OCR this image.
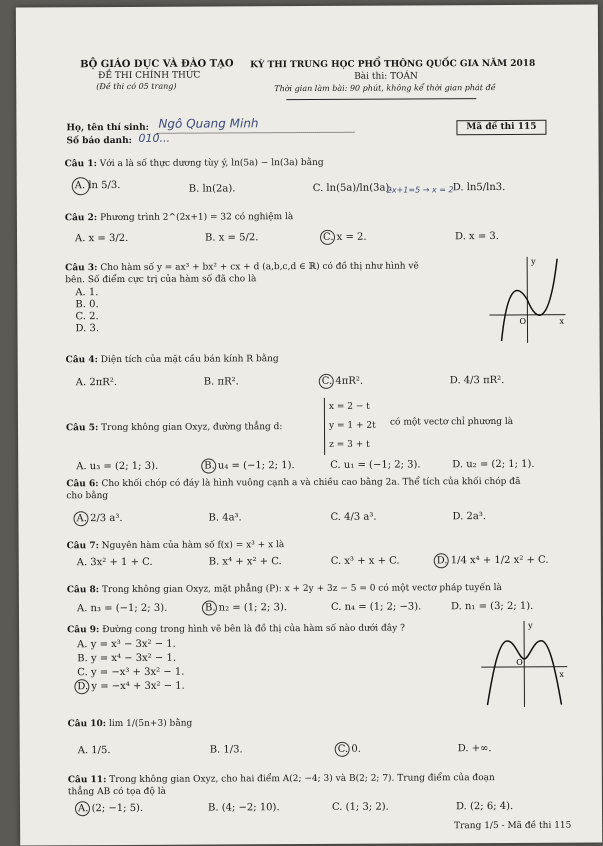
BỘ GIÁO DỤC VÀ ĐÀO TẠO
ĐỀ THI CHÍNH THỨC
(Đề thi có 05 trang)
KỲ THI TRUNG HỌC PHỔ THÔNG QUỐC GIA NĂM 2018
Bài thi: TOÁN
Thời gian làm bài: 90 phút, không kể thời gian phát đề
Họ, tên thí sinh: Ngô Quang Minh
Số báo danh: 010...
Mã đề thi 115
Câu 1: Với a là số thực dương tùy ý, ln(5a) − ln(3a) bằng
A. ln 5/3.	B. ln(2a).	C. ln(5a)/ln(3a).
2x+1=5 → x = 2 D. ln5/ln3.
Câu 2: Phương trình 2^(2x+1) = 32 có nghiệm là
A. x = 3/2.	B. x = 5/2.	C. x = 2.	D. x = 3.
Câu 3: Cho hàm số y = ax³ + bx² + cx + d (a,b,c,d ∈ ℝ) có đồ thị như hình vẽ
bên. Số điểm cực trị của hàm số đã cho là
A. 1.
B. 0.
C. 2.
D. 3.
y
x
O
Câu 4: Diện tích của mặt cầu bán kính R bằng
A. 2πR².	B. πR².	C. 4πR².	D. 4/3 πR².
Câu 5: Trong không gian Oxyz, đường thẳng d:
x = 2 − t
y = 1 + 2t
z = 3 + t
có một vectơ chỉ phương là
A. u₃ = (2; 1; 3).	B. u₄ = (−1; 2; 1).	C. u₁ = (−1; 2; 3).	D. u₂ = (2; 1; 1).
Câu 6: Cho khối chóp có đáy là hình vuông cạnh a và chiều cao bằng 2a. Thể tích của khối chóp đã
cho bằng
A. 2/3 a³.	B. 4a³.	C. 4/3 a³.	D. 2a³.
Câu 7: Nguyên hàm của hàm số f(x) = x³ + x là
A. 3x² + 1 + C.	B. x⁴ + x² + C.	C. x³ + x + C.	D. 1/4 x⁴ + 1/2 x² + C.
Câu 8: Trong không gian Oxyz, mặt phẳng (P): x + 2y + 3z − 5 = 0 có một vectơ pháp tuyến là
A. n₃ = (−1; 2; 3).	B. n₂ = (1; 2; 3).	C. n₄ = (1; 2; −3).	D. n₁ = (3; 2; 1).
Câu 9: Đường cong trong hình vẽ bên là đồ thị của hàm số nào dưới đây ?
A. y = x³ − 3x² − 1.
B. y = x⁴ − 3x² − 1.
C. y = −x³ + 3x² − 1.
D. y = −x⁴ + 3x² − 1.
y
x
O
Câu 10: lim 1/(5n+3) bằng
A. 1/5.	B. 1/3.	C. 0.	D. +∞.
Câu 11: Trong không gian Oxyz, cho hai điểm A(2; −4; 3) và B(2; 2; 7). Trung điểm của đoạn
thẳng AB có tọa độ là
A. (2; −1; 5).	B. (4; −2; 10).	C. (1; 3; 2).	D. (2; 6; 4).
Trang 1/5 - Mã đề thi 115
